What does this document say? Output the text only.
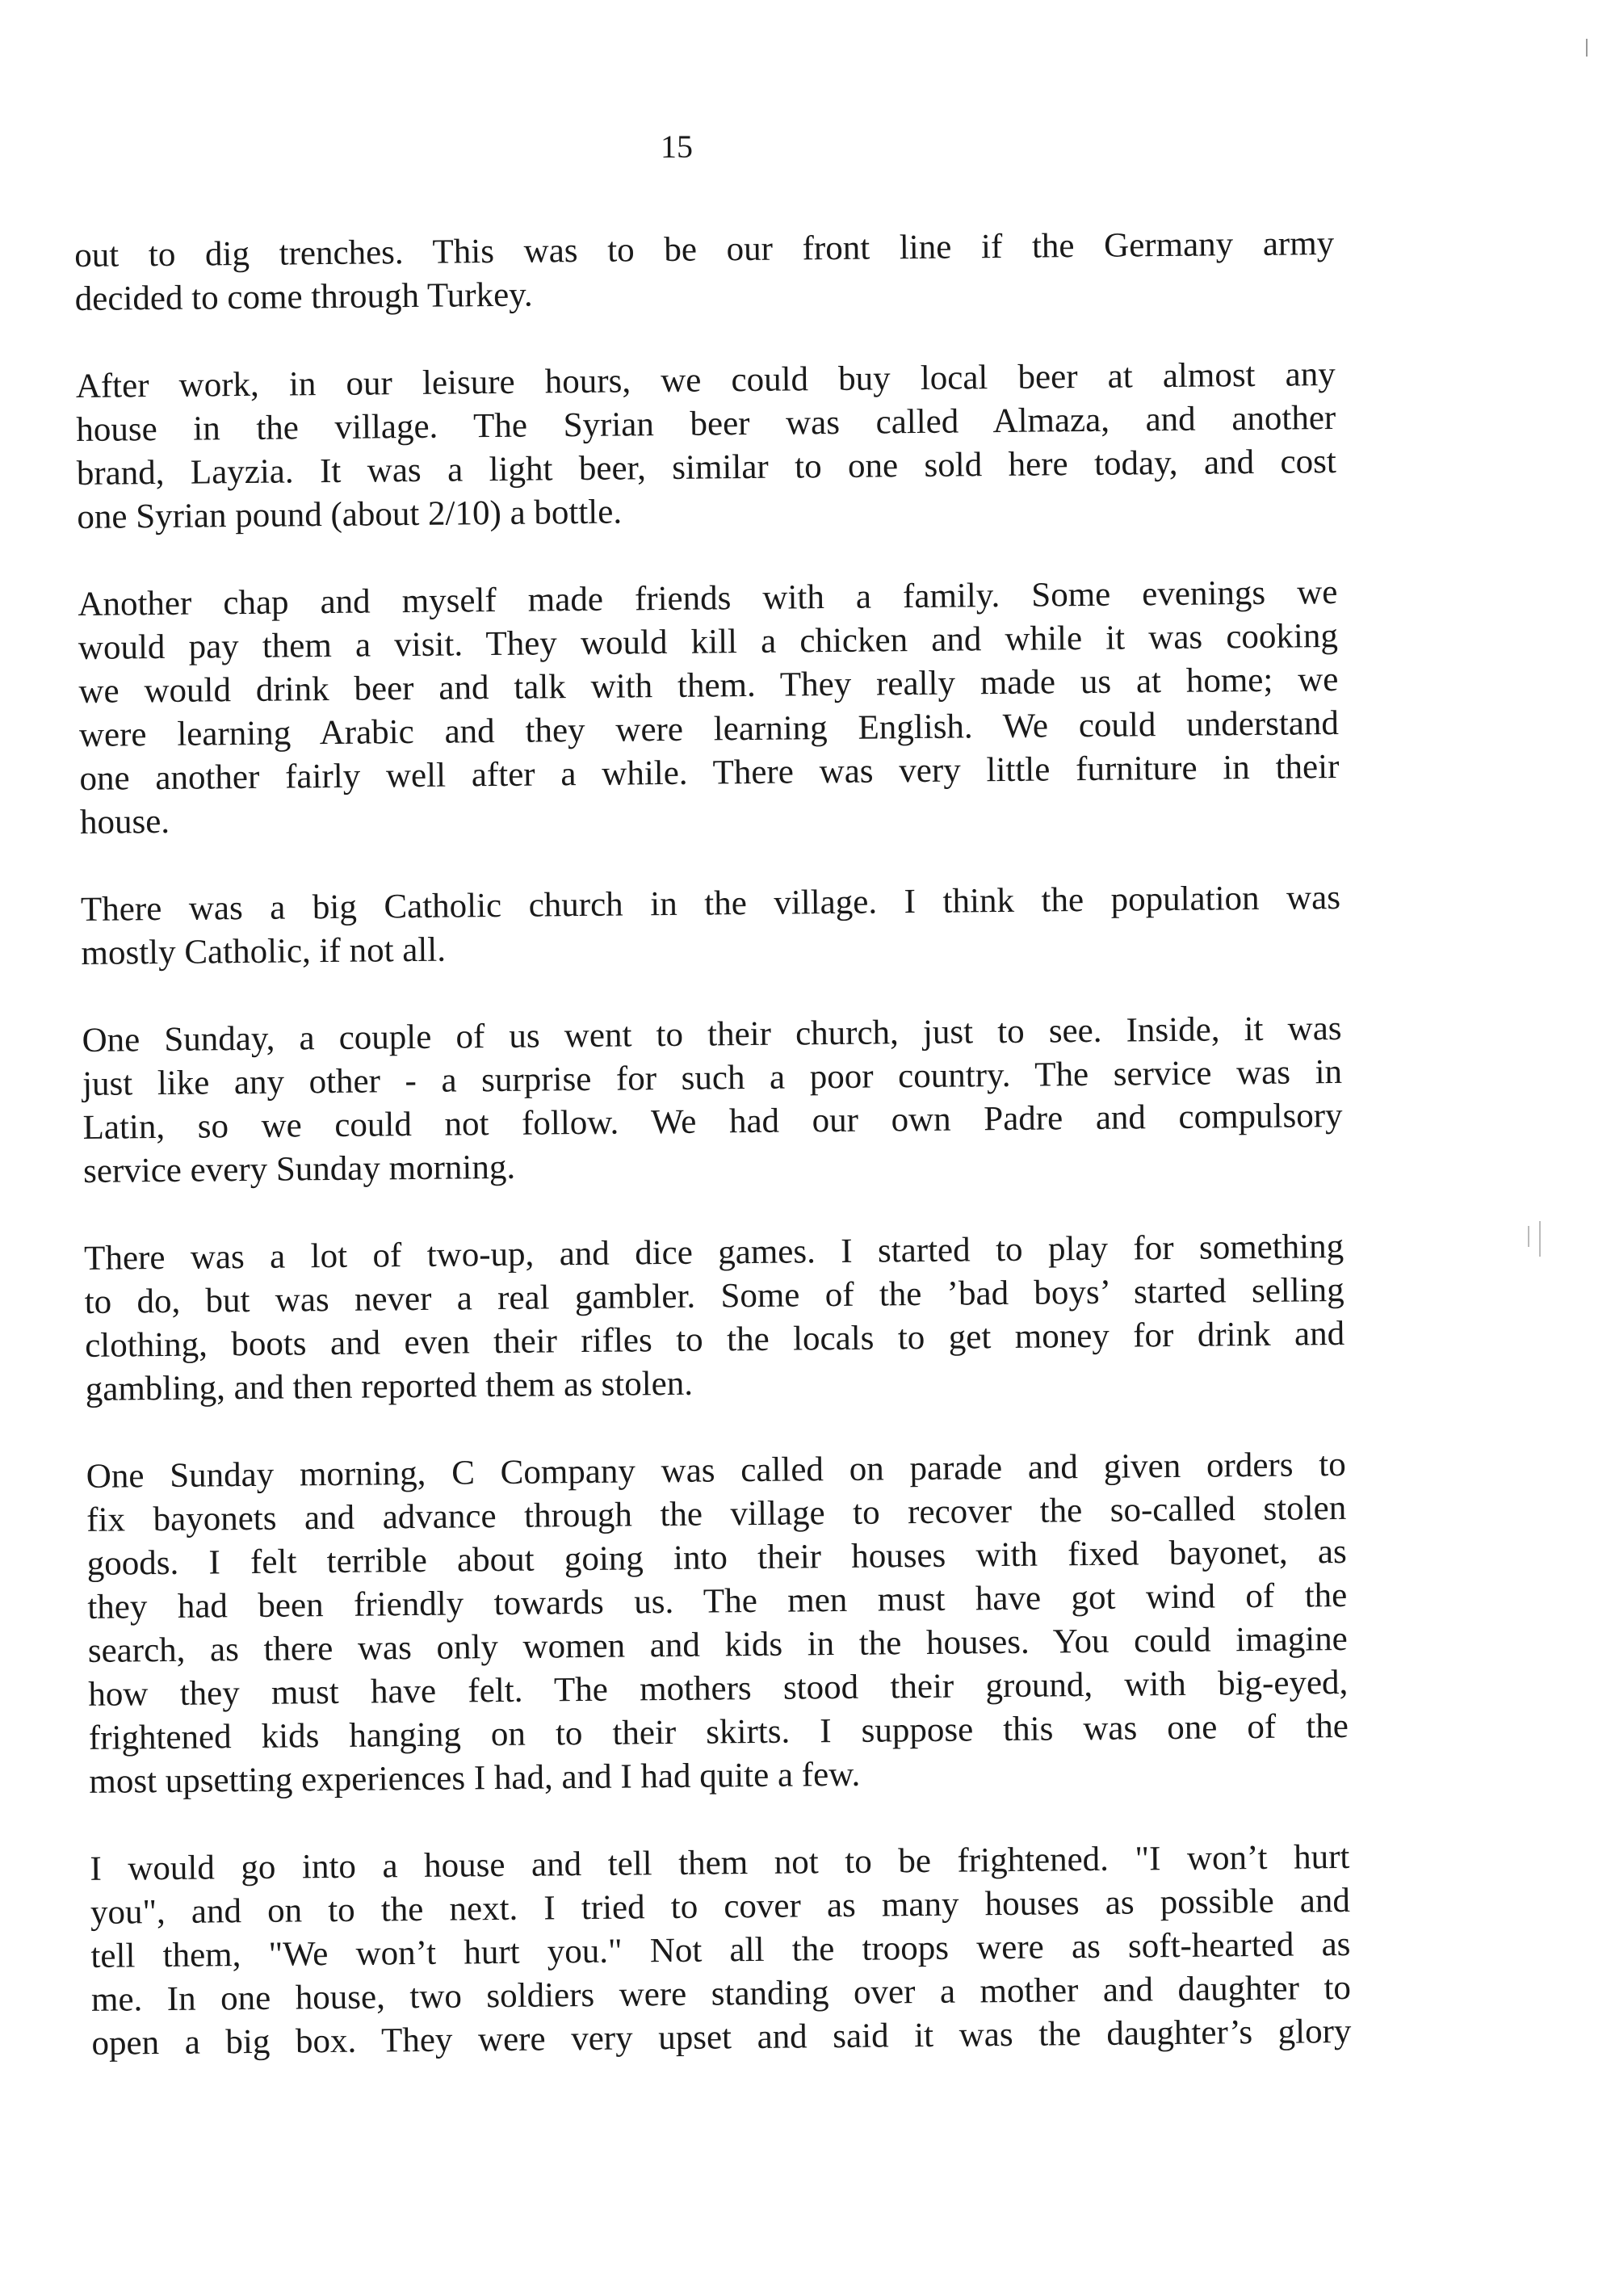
15
out to dig trenches. This was to be our front line if the Germany army
decided to come through Turkey.
After work, in our leisure hours, we could buy local beer at almost any
house in the village. The Syrian beer was called Almaza, and another
brand, Layzia. It was a light beer, similar to one sold here today, and cost
one Syrian pound (about 2/10) a bottle.
Another chap and myself made friends with a family. Some evenings we
would pay them a visit. They would kill a chicken and while it was cooking
we would drink beer and talk with them. They really made us at home; we
were learning Arabic and they were learning English. We could understand
one another fairly well after a while. There was very little furniture in their
house.
There was a big Catholic church in the village. I think the population was
mostly Catholic, if not all.
One Sunday, a couple of us went to their church, just to see. Inside, it was
just like any other - a surprise for such a poor country. The service was in
Latin, so we could not follow. We had our own Padre and compulsory
service every Sunday morning.
There was a lot of two-up, and dice games. I started to play for something
to do, but was never a real gambler. Some of the ’bad boys’ started selling
clothing, boots and even their rifles to the locals to get money for drink and
gambling, and then reported them as stolen.
One Sunday morning, C Company was called on parade and given orders to
fix bayonets and advance through the village to recover the so-called stolen
goods. I felt terrible about going into their houses with fixed bayonet, as
they had been friendly towards us. The men must have got wind of the
search, as there was only women and kids in the houses. You could imagine
how they must have felt. The mothers stood their ground, with big-eyed,
frightened kids hanging on to their skirts. I suppose this was one of the
most upsetting experiences I had, and I had quite a few.
I would go into a house and tell them not to be frightened. "I won’t hurt
you", and on to the next. I tried to cover as many houses as possible and
tell them, "We won’t hurt you." Not all the troops were as soft-hearted as
me. In one house, two soldiers were standing over a mother and daughter to
open a big box. They were very upset and said it was the daughter’s glory
